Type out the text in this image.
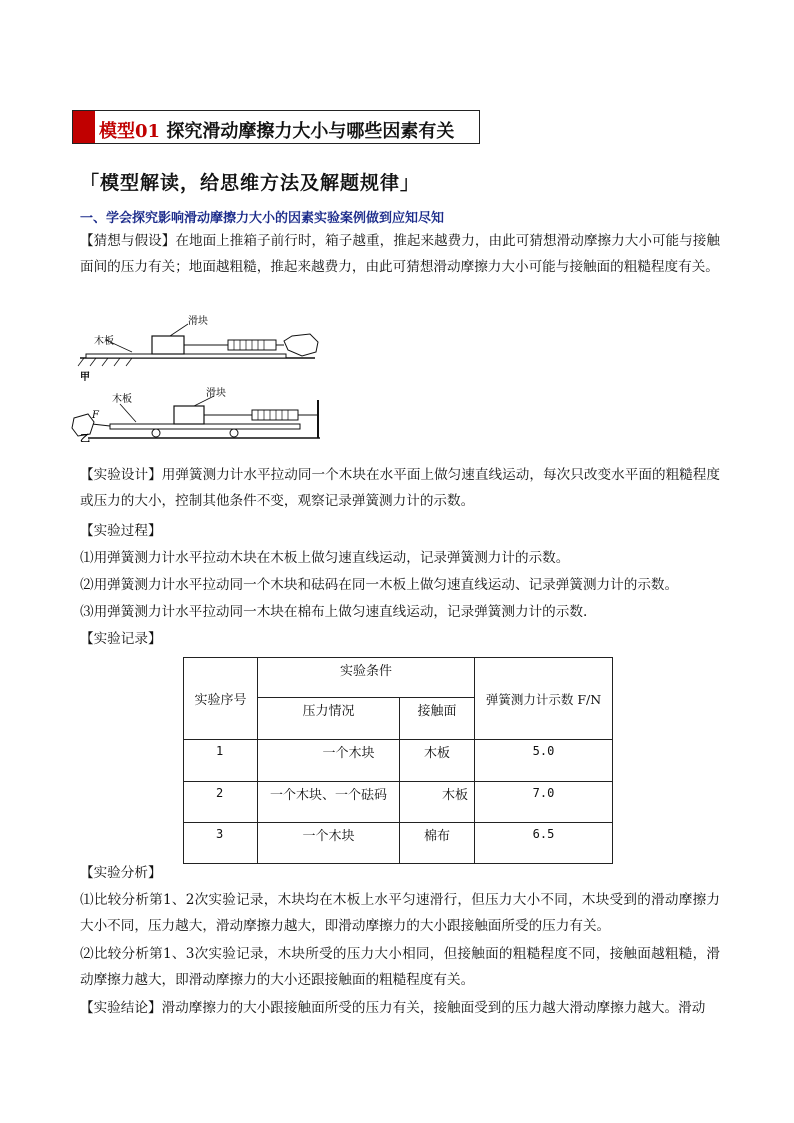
模型01 探究滑动摩擦力大小与哪些因素有关
「模型解读，给思维方法及解题规律」
一、学会探究影响滑动摩擦力大小的因素实验案例做到应知尽知
【猜想与假设】在地面上推箱子前行时，箱子越重，推起来越费力，由此可猜想滑动摩擦力大小可能与接触面间的压力有关；地面越粗糙，推起来越费力，由此可猜想滑动摩擦力大小可能与接触面的粗糙程度有关。
木板
滑块
甲
木板
滑块
F
乙
【实验设计】用弹簧测力计水平拉动同一个木块在水平面上做匀速直线运动，每次只改变水平面的粗糙程度或压力的大小，控制其他条件不变，观察记录弹簧测力计的示数。
【实验过程】
⑴用弹簧测力计水平拉动木块在木板上做匀速直线运动，记录弹簧测力计的示数。
⑵用弹簧测力计水平拉动同一个木块和砝码在同一木板上做匀速直线运动、记录弹簧测力计的示数。
⑶用弹簧测力计水平拉动同一木块在棉布上做匀速直线运动，记录弹簧测力计的示数.
【实验记录】
实验序号	实验条件		弹簧测力计示数 F/N
	压力情况	接触面	
1	一个木块	木板	5.0
2	一个木块、一个砝码	木板	7.0
3	一个木块	棉布	6.5
【实验分析】
⑴比较分析第1、2次实验记录，木块均在木板上水平匀速滑行，但压力大小不同，木块受到的滑动摩擦力大小不同，压力越大，滑动摩擦力越大，即滑动摩擦力的大小跟接触面所受的压力有关。
⑵比较分析第1、3次实验记录，木块所受的压力大小相同，但接触面的粗糙程度不同，接触面越粗糙，滑动摩擦力越大，即滑动摩擦力的大小还跟接触面的粗糙程度有关。
【实验结论】滑动摩擦力的大小跟接触面所受的压力有关，接触面受到的压力越大滑动摩擦力越大。滑动
